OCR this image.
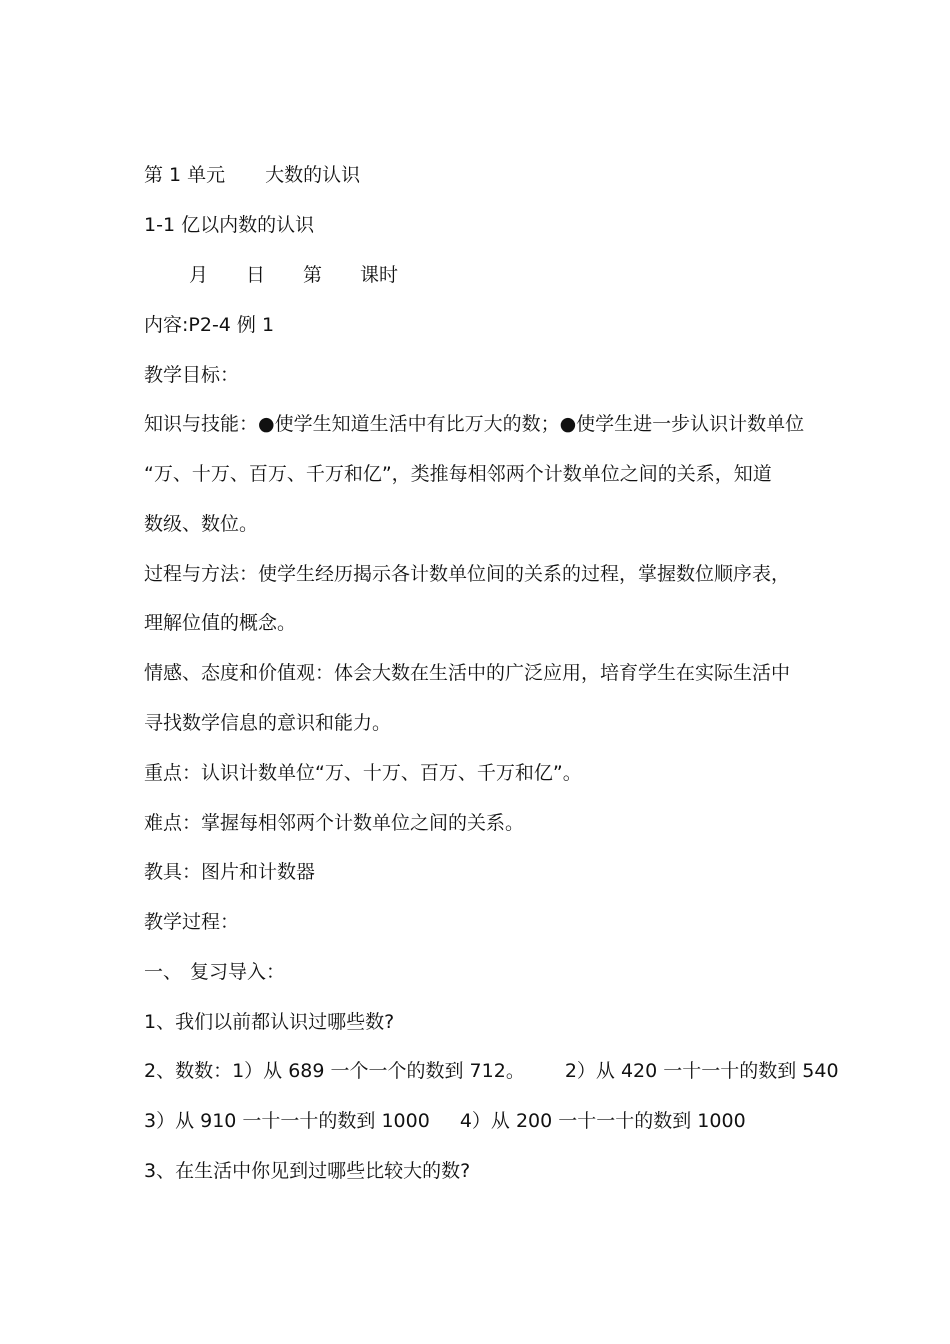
第 1 单元 大数的认识
1-1 亿以内数的认识
月 日 第 课时
内容:P2-4 例 1
教学目标：
知识与技能：●使学生知道生活中有比万大的数；●使学生进一步认识计数单位
“万、十万、百万、千万和亿”，类推每相邻两个计数单位之间的关系，知道
数级、数位。
过程与方法：使学生经历揭示各计数单位间的关系的过程，掌握数位顺序表，
理解位值的概念。
情感、态度和价值观：体会大数在生活中的广泛应用，培育学生在实际生活中
寻找数学信息的意识和能力。
重点：认识计数单位“万、十万、百万、千万和亿”。
难点：掌握每相邻两个计数单位之间的关系。
教具：图片和计数器
教学过程：
一、 复习导入：
1、我们以前都认识过哪些数?
2、数数：1）从 689 一个一个的数到 712。 2）从 420 一十一十的数到 540
3）从 910 一十一十的数到 1000 4）从 200 一十一十的数到 1000
3、在生活中你见到过哪些比较大的数?
